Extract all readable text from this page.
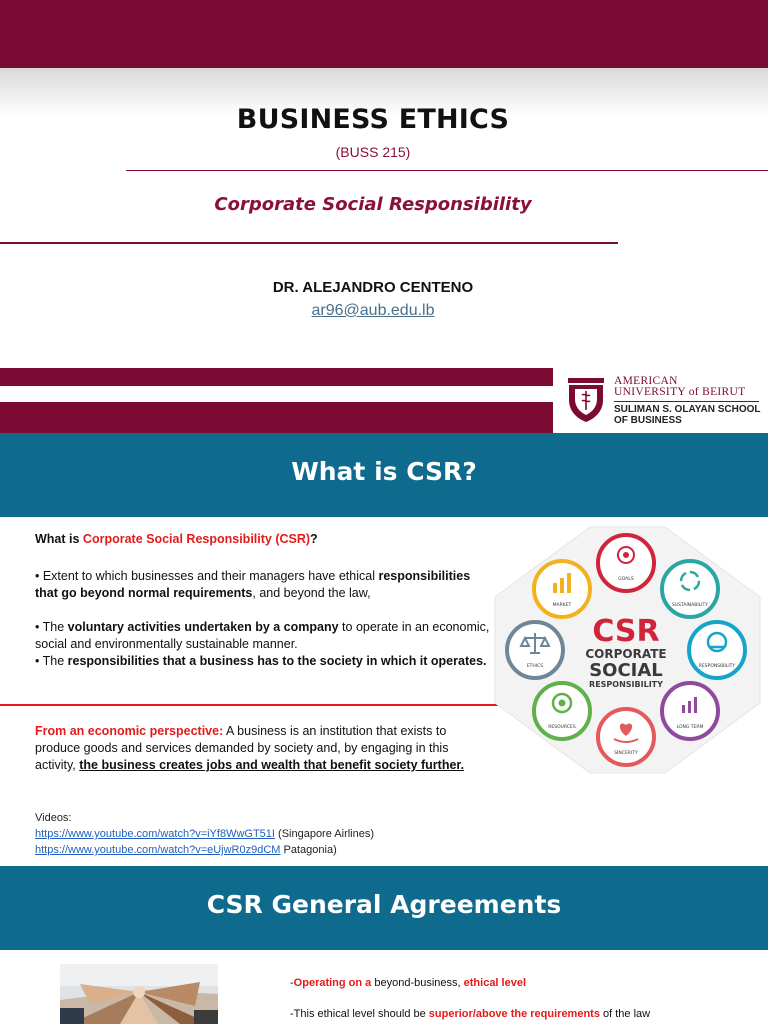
BUSINESS ETHICS
(BUSS 215)
Corporate Social Responsibility
DR. ALEJANDRO CENTENO
ar96@aub.edu.lb
AMERICAN
UNIVERSITY of BEIRUT
SULIMAN S. OLAYAN SCHOOL
OF BUSINESS
What is CSR?
What is Corporate Social Responsibility (CSR)?
• Extent to which businesses and their managers have ethical responsibilities that go beyond normal requirements, and beyond the law,
• The voluntary activities undertaken by a company to operate in an economic, social and environmentally sustainable manner.
• The responsibilities that a business has to the society in which it operates.
From an economic perspective: A business is an institution that exists to produce goods and services demanded by society and, by engaging in this activity, the business creates jobs and wealth that benefit society further.
Videos:
https://www.youtube.com/watch?v=iYf8WwGT51I (Singapore Airlines)
https://www.youtube.com/watch?v=eUjwR0z9dCM Patagonia)
CSR
CORPORATE
SOCIAL
RESPONSIBILITY
GOALS
SUSTAINABILITY
RESPONSIBILITY
LONG TERM
SINCERITY
RESOURCES
ETHICS
MARKET
CSR General Agreements
-Operating on a beyond-business, ethical level
-This ethical level should be superior/above the requirements of the law
